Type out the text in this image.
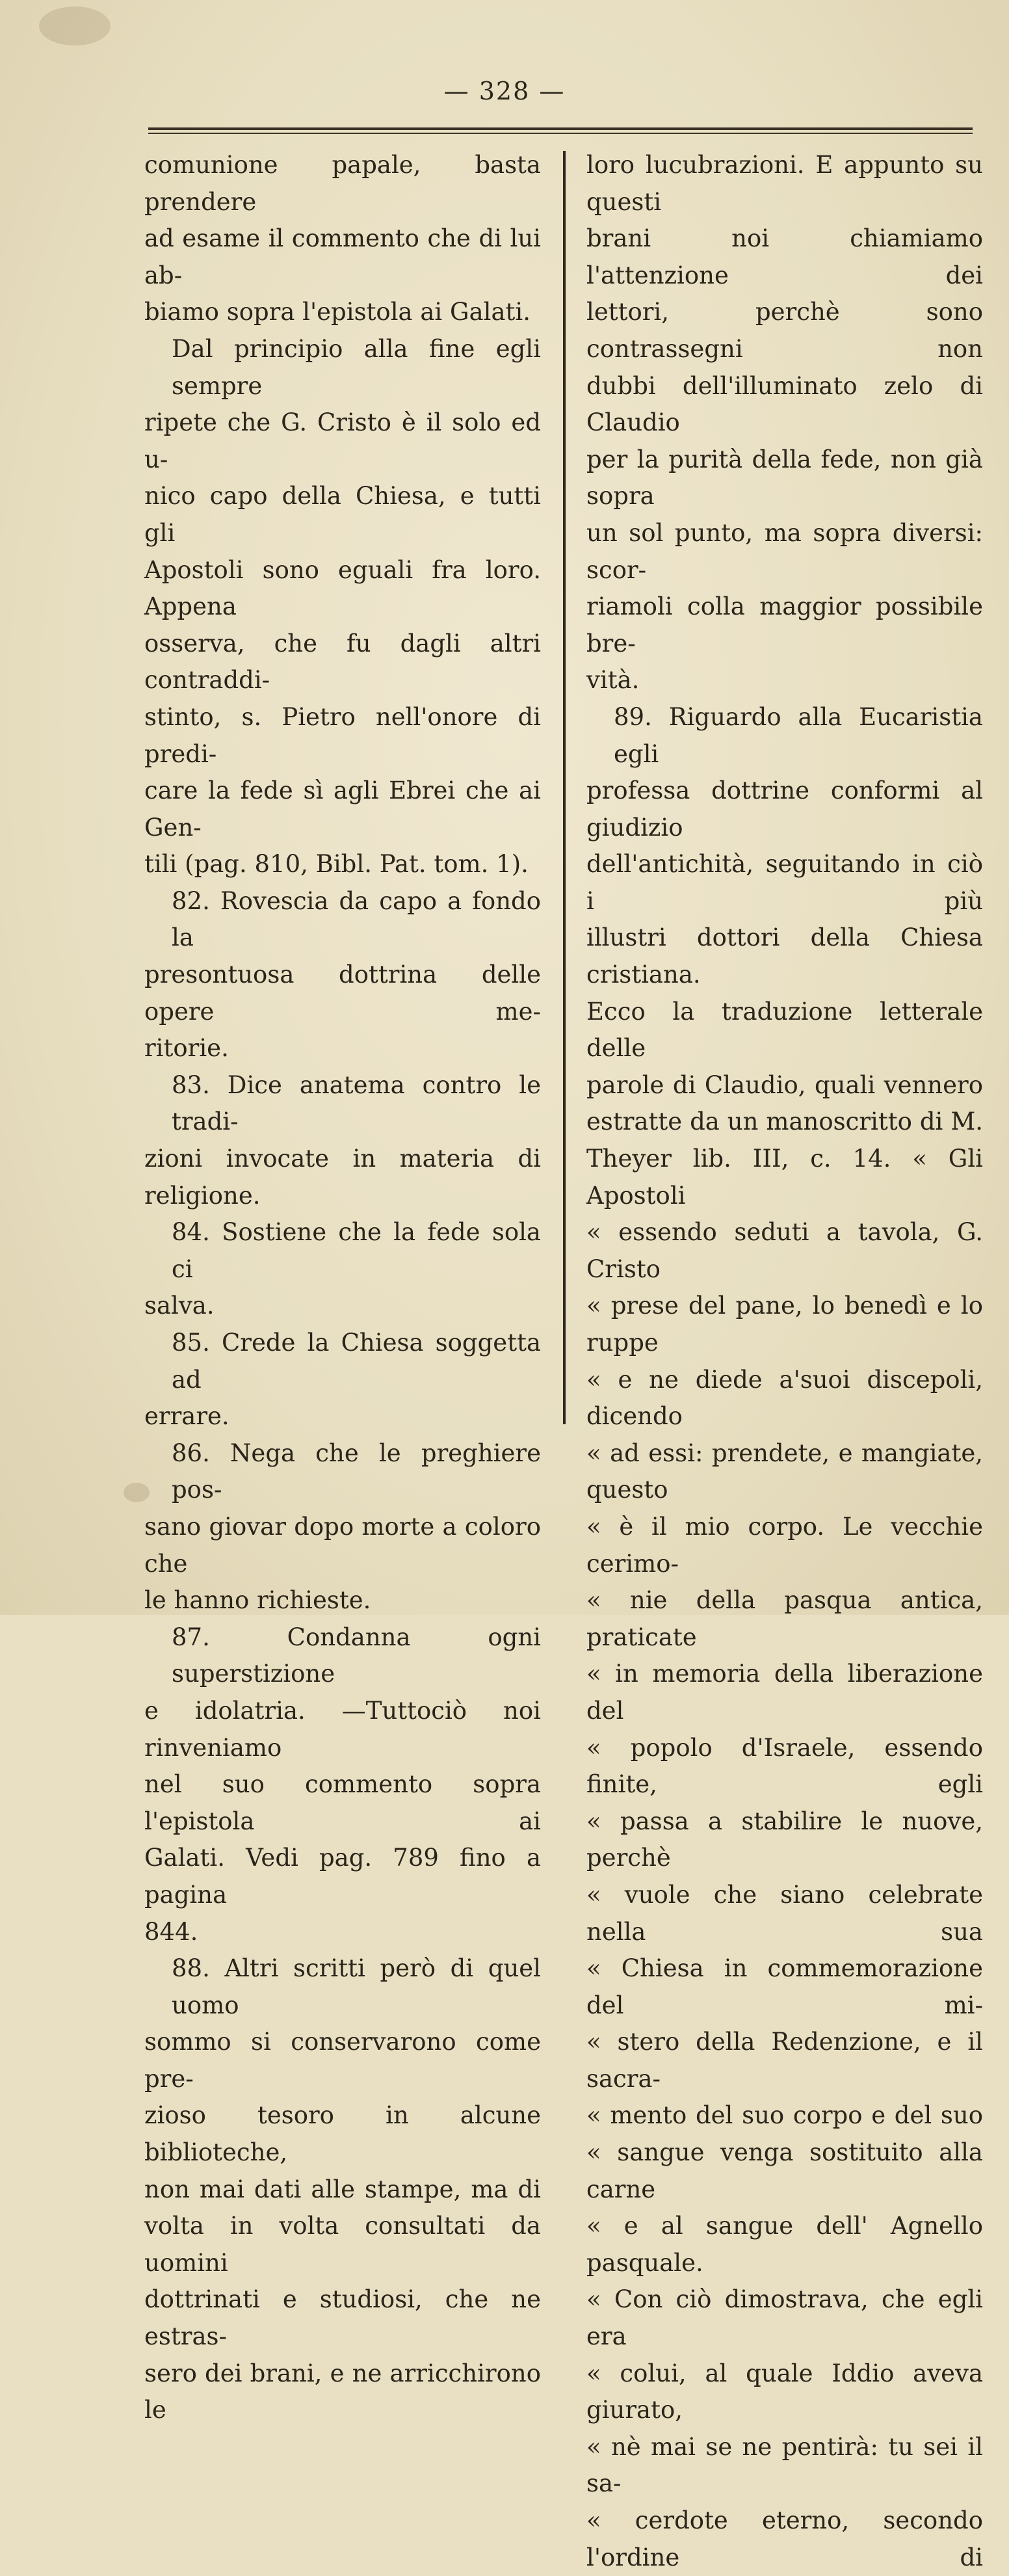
— 328 —

comunione papale, basta prendere

ad esame il commento che di lui ab-

biamo sopra l'epistola ai Galati.

Dal principio alla fine egli sempre

ripete che G. Cristo è il solo ed u-

nico capo della Chiesa, e tutti gli

Apostoli sono eguali fra loro. Appena

osserva, che fu dagli altri contraddi-

stinto, s. Pietro nell'onore di predi-

care la fede sì agli Ebrei che ai Gen-

tili (pag. 810, Bibl. Pat. tom. 1).

82. Rovescia da capo a fondo la

presontuosa dottrina delle opere me-

ritorie.

83. Dice anatema contro le tradi-

zioni invocate in materia di religione.

84. Sostiene che la fede sola ci

salva.

85. Crede la Chiesa soggetta ad

errare.

86. Nega che le preghiere pos-

sano giovar dopo morte a coloro che

le hanno richieste.

87. Condanna ogni superstizione

e idolatria. —Tuttociò noi rinveniamo

nel suo commento sopra l'epistola ai

Galati. Vedi pag. 789 fino a pagina

844.

88. Altri scritti però di quel uomo

sommo si conservarono come pre-

zioso tesoro in alcune biblioteche,

non mai dati alle stampe, ma di

volta in volta consultati da uomini

dottrinati e studiosi, che ne estras-

sero dei brani, e ne arricchirono le

loro lucubrazioni. E appunto su questi

brani noi chiamiamo l'attenzione dei

lettori, perchè sono contrassegni non

dubbi dell'illuminato zelo di Claudio

per la purità della fede, non già sopra

un sol punto, ma sopra diversi: scor-

riamoli colla maggior possibile bre-

vità.

89. Riguardo alla Eucaristia egli

professa dottrine conformi al giudizio

dell'antichità, seguitando in ciò i più

illustri dottori della Chiesa cristiana.

Ecco la traduzione letterale delle

parole di Claudio, quali vennero

estratte da un manoscritto di M.

Theyer lib. III, c. 14. « Gli Apostoli

« essendo seduti a tavola, G. Cristo

« prese del pane, lo benedì e lo ruppe

« e ne diede a'suoi discepoli, dicendo

« ad essi: prendete, e mangiate, questo

« è il mio corpo. Le vecchie cerimo-

« nie della pasqua antica, praticate

« in memoria della liberazione del

« popolo d'Israele, essendo finite, egli

« passa a stabilire le nuove, perchè

« vuole che siano celebrate nella sua

« Chiesa in commemorazione del mi-

« stero della Redenzione, e il sacra-

« mento del suo corpo e del suo

« sangue venga sostituito alla carne

« e al sangue dell' Agnello pasquale.

« Con ciò dimostrava, che egli era

« colui, al quale Iddio aveva giurato,

« nè mai se ne pentirà: tu sei il sa-

« cerdote eterno, secondo l'ordine di
